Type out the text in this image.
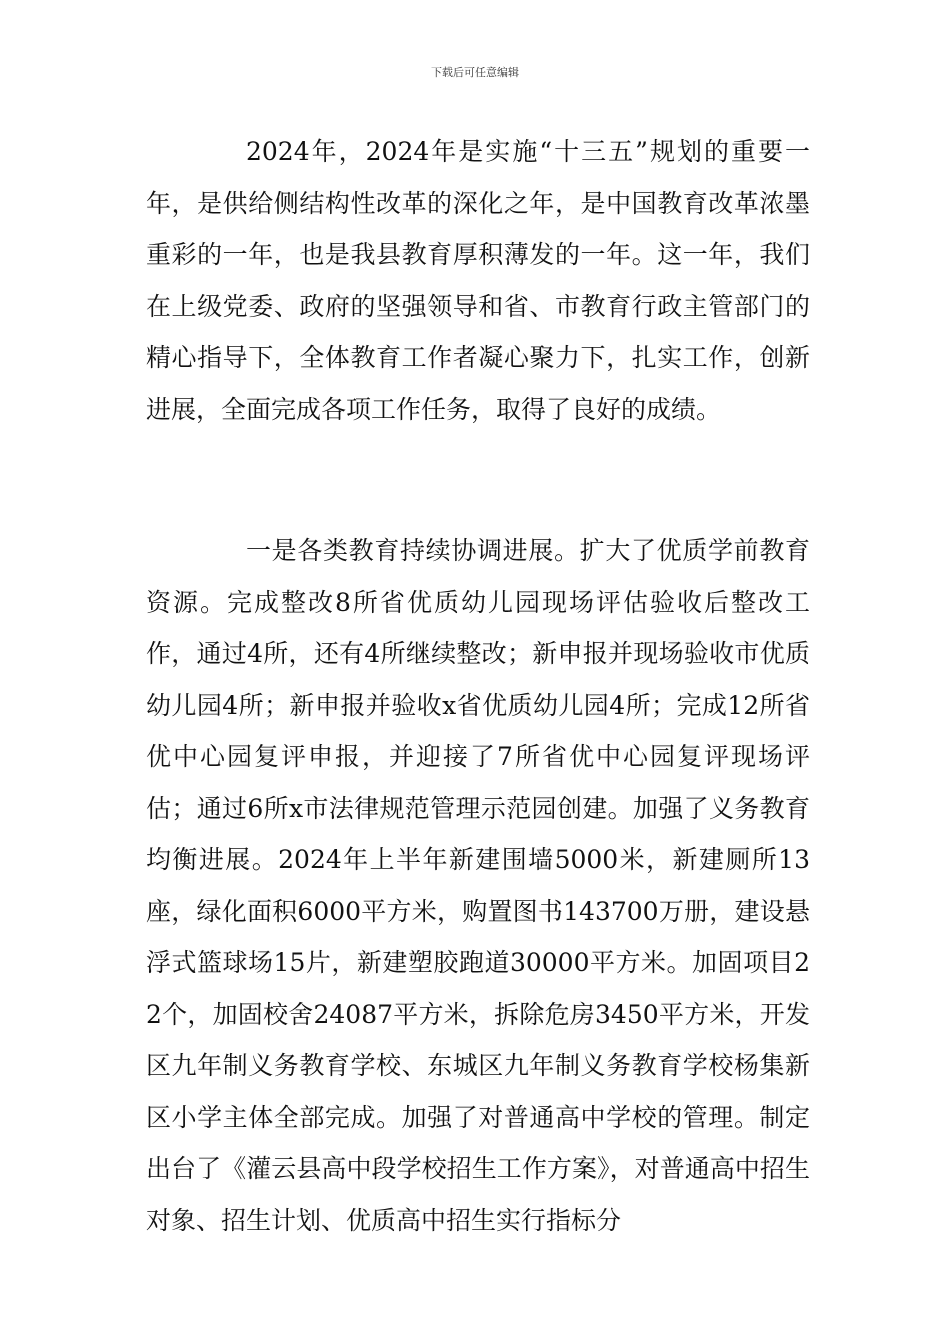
下载后可任意编辑

2024年，2024年是实施“十三五”规划的重要一年，是供给侧结构性改革的深化之年，是中国教育改革浓墨重彩的一年，也是我县教育厚积薄发的一年。这一年，我们在上级党委、政府的坚强领导和省、市教育行政主管部门的精心指导下，全体教育工作者凝心聚力下，扎实工作，创新进展，全面完成各项工作任务，取得了良好的成绩。

一是各类教育持续协调进展。扩大了优质学前教育资源。完成整改8所省优质幼儿园现场评估验收后整改工作，通过4所，还有4所继续整改；新申报并现场验收市优质幼儿园4所；新申报并验收x省优质幼儿园4所；完成12所省优中心园复评申报，并迎接了7所省优中心园复评现场评估；通过6所x市法律规范管理示范园创建。加强了义务教育均衡进展。2024年上半年新建围墙5000米，新建厕所13座，绿化面积6000平方米，购置图书143700万册，建设悬浮式篮球场15片，新建塑胶跑道30000平方米。加固项目22个，加固校舍24087平方米，拆除危房3450平方米，开发区九年制义务教育学校、东城区九年制义务教育学校杨集新区小学主体全部完成。加强了对普通高中学校的管理。制定出台了《灌云县高中段学校招生工作方案》，对普通高中招生对象、招生计划、优质高中招生实行指标分
